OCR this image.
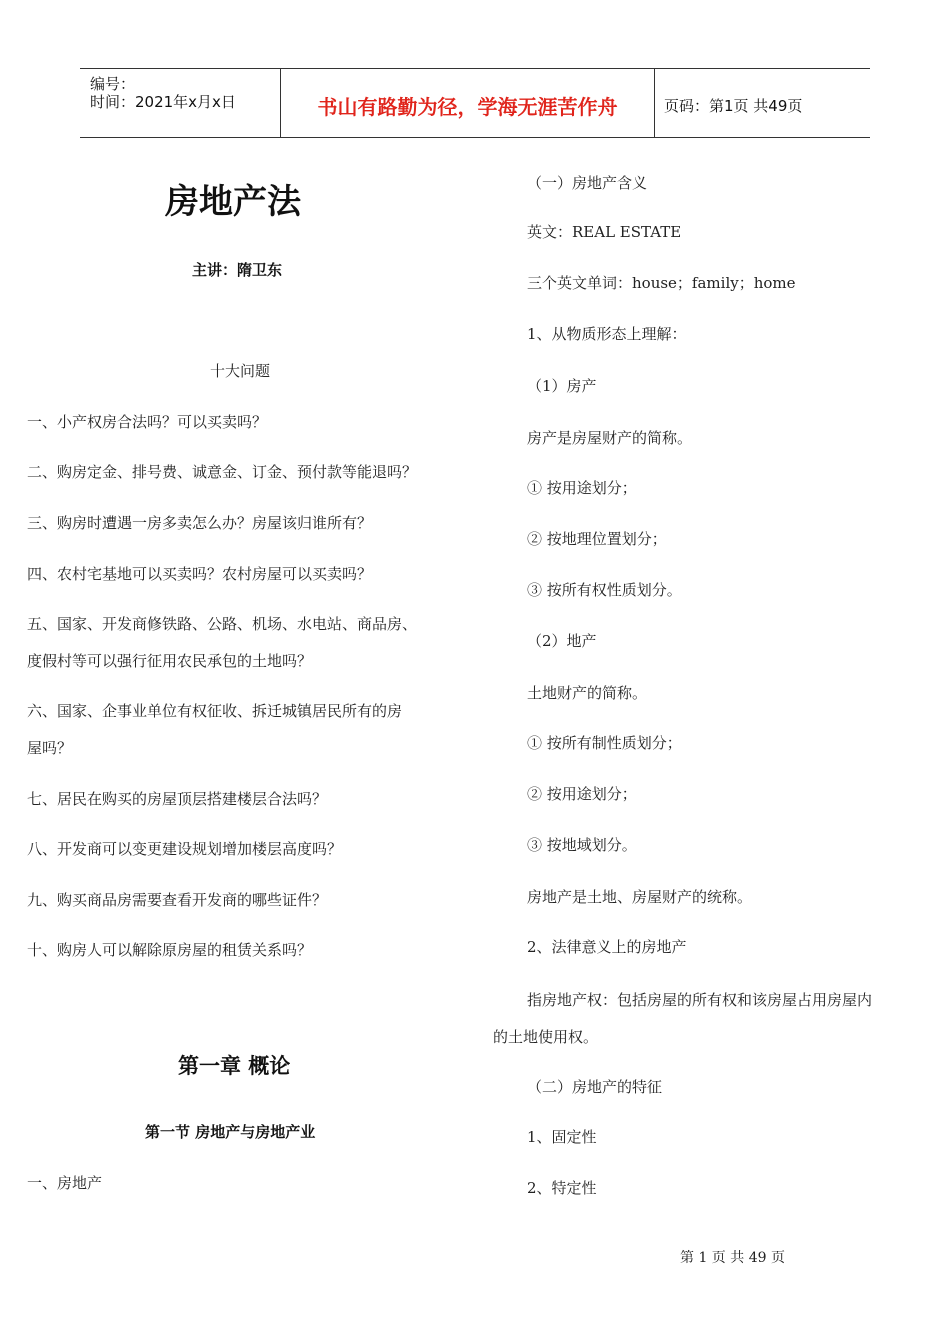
编号：
时间：2021年x月x日	书山有路勤为径，学海无涯苦作舟	页码：第1页 共49页
房地产法
主讲：隋卫东
十大问题
一、小产权房合法吗？可以买卖吗？
二、购房定金、排号费、诚意金、订金、预付款等能退吗？
三、购房时遭遇一房多卖怎么办？房屋该归谁所有？
四、农村宅基地可以买卖吗？农村房屋可以买卖吗？
五、国家、开发商修铁路、公路、机场、水电站、商品房、
度假村等可以强行征用农民承包的土地吗？
六、国家、企事业单位有权征收、拆迁城镇居民所有的房
屋吗？
七、居民在购买的房屋顶层搭建楼层合法吗？
八、开发商可以变更建设规划增加楼层高度吗？
九、购买商品房需要查看开发商的哪些证件？
十、购房人可以解除原房屋的租赁关系吗？
第一章 概论
第一节 房地产与房地产业
一、房地产
（一）房地产含义
英文：REAL ESTATE
三个英文单词：house；family；home
1、从物质形态上理解：
（1）房产
房产是房屋财产的简称。
① 按用途划分；
② 按地理位置划分；
③ 按所有权性质划分。
（2）地产
土地财产的简称。
① 按所有制性质划分；
② 按用途划分；
③ 按地域划分。
房地产是土地、房屋财产的统称。
2、法律意义上的房地产
指房地产权：包括房屋的所有权和该房屋占用房屋内
的土地使用权。
（二）房地产的特征
1、固定性
2、特定性
第 1 页 共 49 页
